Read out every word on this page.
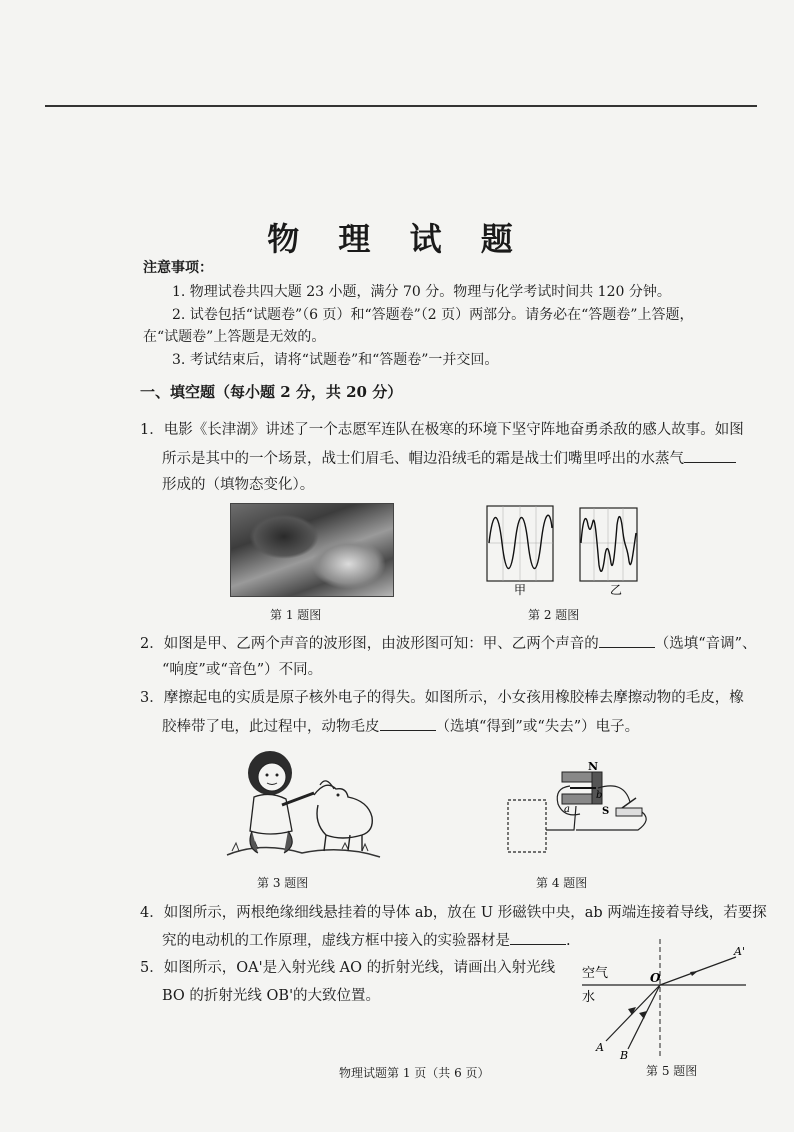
物 理 试 题
注意事项：
1. 物理试卷共四大题 23 小题，满分 70 分。物理与化学考试时间共 120 分钟。
2. 试卷包括“试题卷”（6 页）和“答题卷”（2 页）两部分。请务必在“答题卷”上答题，
在“试题卷”上答题是无效的。
3. 考试结束后，请将“试题卷”和“答题卷”一并交回。
一、填空题（每小题 2 分，共 20 分）
1．电影《长津湖》讲述了一个志愿军连队在极寒的环境下坚守阵地奋勇杀敌的感人故事。如图
所示是其中的一个场景，战士们眉毛、帽边沿绒毛的霜是战士们嘴里呼出的水蒸气
形成的（填物态变化）。
第 1 题图
甲	乙
第 2 题图
2．如图是甲、乙两个声音的波形图，由波形图可知：甲、乙两个声音的	（选填“音调”、
“响度”或“音色”）不同。
3．摩擦起电的实质是原子核外电子的得失。如图所示，小女孩用橡胶棒去摩擦动物的毛皮，橡
胶棒带了电，此过程中，动物毛皮	（选填“得到”或“失去”）电子。
第 3 题图
N
S
a
b
第 4 题图
4．如图所示，两根绝缘细线悬挂着的导体 ab，放在 U 形磁铁中央，ab 两端连接着导线，若要探
究的电动机的工作原理，虚线方框中接入的实验器材是	.
5．如图所示，OA'是入射光线 AO 的折射光线，请画出入射光线
BO 的折射光线 OB'的大致位置。
空气
水
O
A'
A
B
第 5 题图
物理试题第 1 页（共 6 页）
